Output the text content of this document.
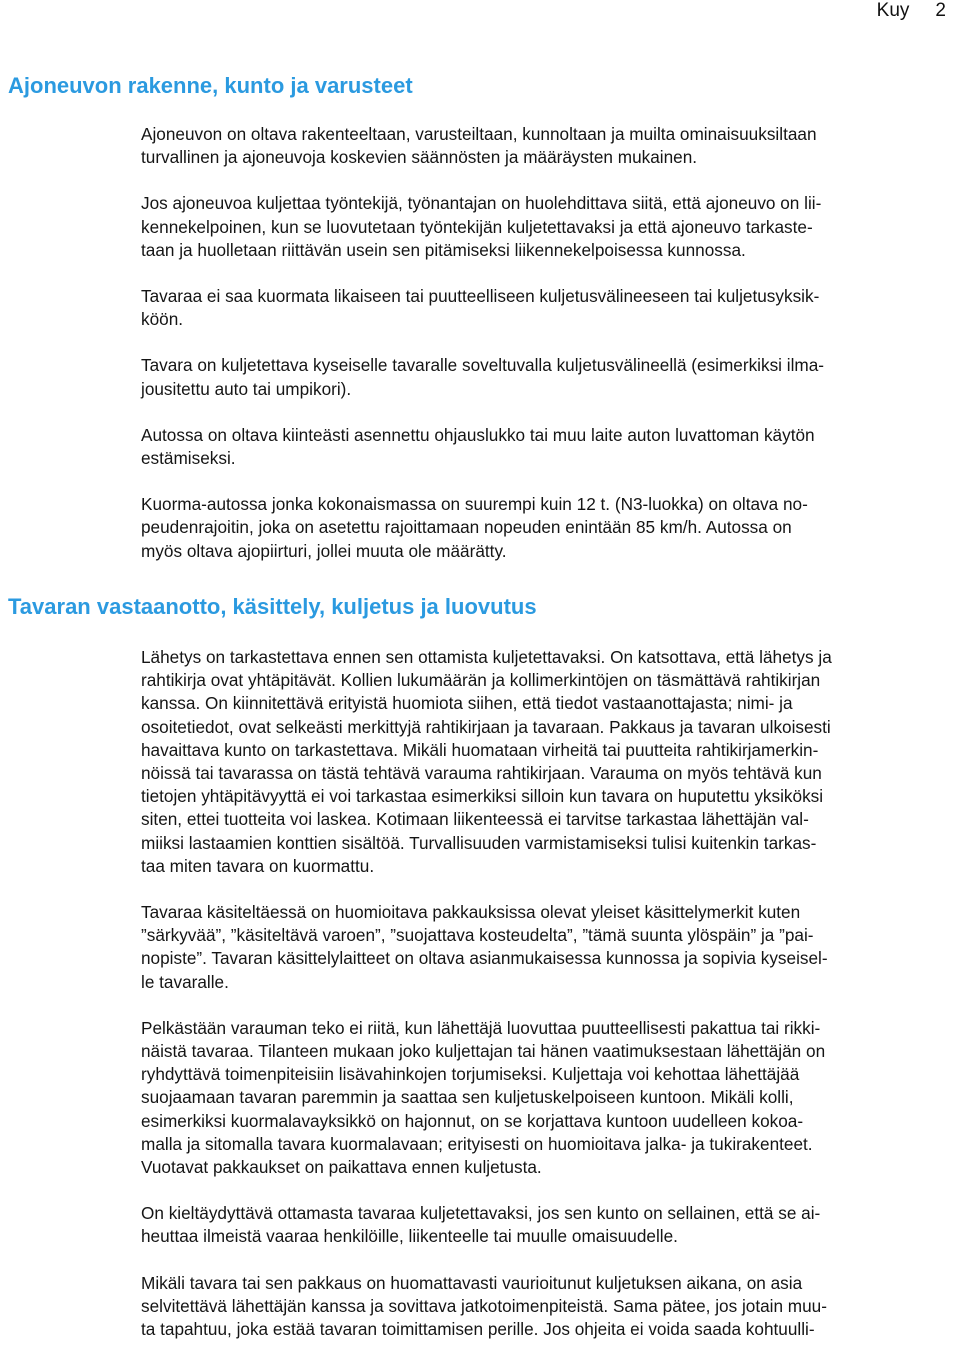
Kuy 2
Ajoneuvon rakenne, kunto ja varusteet

Ajoneuvon on oltava rakenteeltaan, varusteiltaan, kunnoltaan ja muilta ominaisuuksiltaan
turvallinen ja ajoneuvoja koskevien säännösten ja määräysten mukainen.

Jos ajoneuvoa kuljettaa työntekijä, työnantajan on huolehdittava siitä, että ajoneuvo on lii-
kennekelpoinen, kun se luovutetaan työntekijän kuljetettavaksi ja että ajoneuvo tarkaste-
taan ja huolletaan riittävän usein sen pitämiseksi liikennekelpoisessa kunnossa.

Tavaraa ei saa kuormata likaiseen tai puutteelliseen kuljetusvälineeseen tai kuljetusyksik-
köön.

Tavara on kuljetettava kyseiselle tavaralle soveltuvalla kuljetusvälineellä (esimerkiksi ilma-
jousitettu auto tai umpikori).

Autossa on oltava kiinteästi asennettu ohjauslukko tai muu laite auton luvattoman käytön
estämiseksi.

Kuorma-autossa jonka kokonaismassa on suurempi kuin 12 t. (N3-luokka) on oltava no-
peudenrajoitin, joka on asetettu rajoittamaan nopeuden enintään 85 km/h. Autossa on
myös oltava ajopiirturi, jollei muuta ole määrätty.

Tavaran vastaanotto, käsittely, kuljetus ja luovutus

Lähetys on tarkastettava ennen sen ottamista kuljetettavaksi. On katsottava, että lähetys ja
rahtikirja ovat yhtäpitävät. Kollien lukumäärän ja kollimerkintöjen on täsmättävä rahtikirjan
kanssa. On kiinnitettävä erityistä huomiota siihen, että tiedot vastaanottajasta; nimi- ja
osoitetiedot, ovat selkeästi merkittyjä rahtikirjaan ja tavaraan. Pakkaus ja tavaran ulkoisesti
havaittava kunto on tarkastettava. Mikäli huomataan virheitä tai puutteita rahtikirjamerkin-
nöissä tai tavarassa on tästä tehtävä varauma rahtikirjaan. Varauma on myös tehtävä kun
tietojen yhtäpitävyyttä ei voi tarkastaa esimerkiksi silloin kun tavara on huputettu yksiköksi
siten, ettei tuotteita voi laskea. Kotimaan liikenteessä ei tarvitse tarkastaa lähettäjän val-
miiksi lastaamien konttien sisältöä. Turvallisuuden varmistamiseksi tulisi kuitenkin tarkas-
taa miten tavara on kuormattu.

Tavaraa käsiteltäessä on huomioitava pakkauksissa olevat yleiset käsittelymerkit kuten
”särkyvää”, ”käsiteltävä varoen”, ”suojattava kosteudelta”, ”tämä suunta ylöspäin” ja ”pai-
nopiste”. Tavaran käsittelylaitteet on oltava asianmukaisessa kunnossa ja sopivia kyseisel-
le tavaralle.

Pelkästään varauman teko ei riitä, kun lähettäjä luovuttaa puutteellisesti pakattua tai rikki-
näistä tavaraa. Tilanteen mukaan joko kuljettajan tai hänen vaatimuksestaan lähettäjän on
ryhdyttävä toimenpiteisiin lisävahinkojen torjumiseksi. Kuljettaja voi kehottaa lähettäjää
suojaamaan tavaran paremmin ja saattaa sen kuljetuskelpoiseen kuntoon. Mikäli kolli,
esimerkiksi kuormalavayksikkö on hajonnut, on se korjattava kuntoon uudelleen kokoa-
malla ja sitomalla tavara kuormalavaan; erityisesti on huomioitava jalka- ja tukirakenteet.
Vuotavat pakkaukset on paikattava ennen kuljetusta.

On kieltäydyttävä ottamasta tavaraa kuljetettavaksi, jos sen kunto on sellainen, että se ai-
heuttaa ilmeistä vaaraa henkilöille, liikenteelle tai muulle omaisuudelle.

Mikäli tavara tai sen pakkaus on huomattavasti vaurioitunut kuljetuksen aikana, on asia
selvitettävä lähettäjän kanssa ja sovittava jatkotoimenpiteistä. Sama pätee, jos jotain muu-
ta tapahtuu, joka estää tavaran toimittamisen perille. Jos ohjeita ei voida saada kohtuulli-
